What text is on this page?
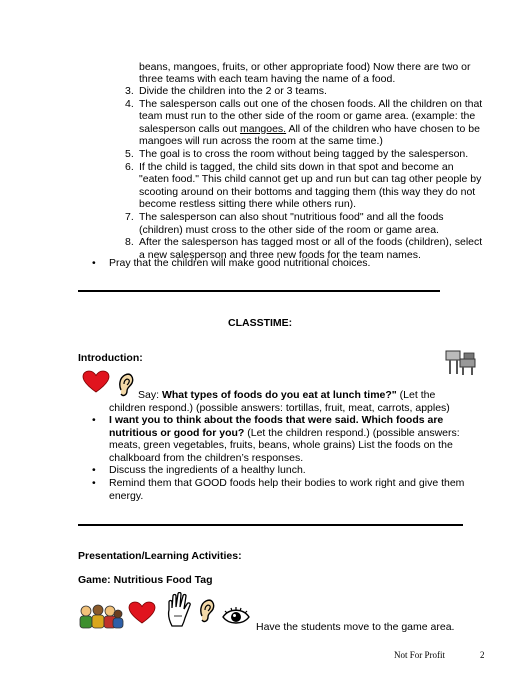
beans, mangoes, fruits, or other appropriate food) Now there are two or
three teams with each team having the name of a food.
3. Divide the children into the 2 or 3 teams.
4. The salesperson calls out one of the chosen foods. All the children on that
team must run to the other side of the room or game area. (example: the
salesperson calls out mangoes. All of the children who have chosen to be
mangoes will run across the room at the same time.)
5. The goal is to cross the room without being tagged by the salesperson.
6. If the child is tagged, the child sits down in that spot and become an
"eaten food." This child cannot get up and run but can tag other people by
scooting around on their bottoms and tagging them (this way they do not
become restless sitting there while others run).
7. The salesperson can also shout "nutritious food" and all the foods
(children) must cross to the other side of the room or game area.
8. After the salesperson has tagged most or all of the foods (children), select
a new salesperson and three new foods for the team names.
• Pray that the children will make good nutritional choices.
CLASSTIME:
Introduction:
Say: What types of foods do you eat at lunch time?" (Let the
children respond.) (possible answers: tortillas, fruit, meat, carrots, apples)
• I want you to think about the foods that were said. Which foods are
nutritious or good for you? (Let the children respond.) (possible answers:
meats, green vegetables, fruits, beans, whole grains) List the foods on the
chalkboard from the children’s responses.
• Discuss the ingredients of a healthy lunch.
• Remind them that GOOD foods help their bodies to work right and give them
energy.
Presentation/Learning Activities:
Game: Nutritious Food Tag
Have the students move to the game area.
Not For Profit	2
